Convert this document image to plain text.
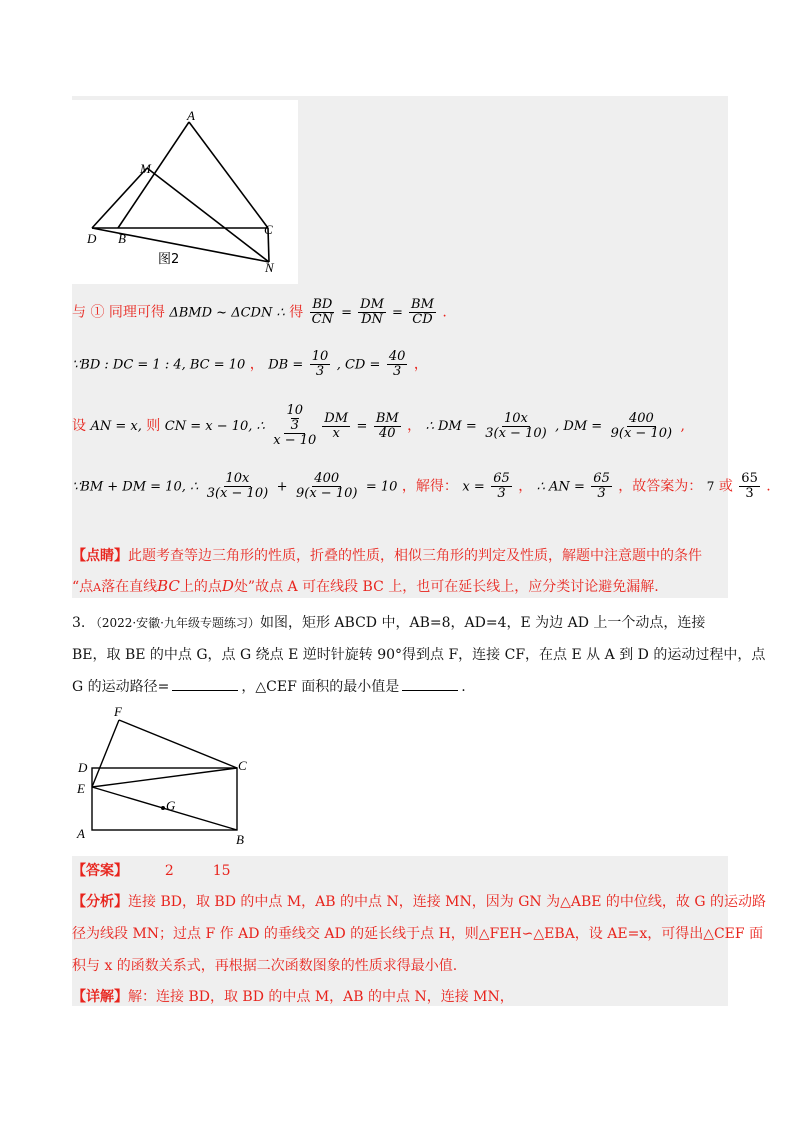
A
M
D B
C
N
图2
与 ① 同理可得 ΔBMD ~ ΔCDN ∴ 得 $\frac{BD}{CN} = \frac{DM}{DN} = \frac{BM}{CD}$ .
∵BD : DC = 1 : 4, BC = 10 ， DB = $\frac{10}{3}$ , CD = $\frac{40}{3}$ ，
设 AN = x, 则 CN = x − 10, ∴ 10
3
$x - 10 \frac{DM}{x} = \frac{BM}{40}$ ， ∴ DM = $\frac{10x}{3(x - 10)}$ , DM = $\frac{400}{9(x - 10)}$ ,
∵BM + DM = 10, ∴ $\frac{10x}{3(x - 10)} + \frac{400}{9(x - 10)} = 10$ ，解得： $x = \frac{65}{3}$ ， ∴ AN = $\frac{65}{3}$ ，故答案为： 7 或 $\frac{65}{3}$ .
【点睛】此题考查等边三角形的性质，折叠的性质，相似三角形的判定及性质，解题中注意题中的条件
“点A落在直线BC上的点D处”故点 A 可在线段 BC 上，也可在延长线上，应分类讨论避免漏解.
3. （2022·安徽·九年级专题练习）如图，矩形 ABCD 中，AB=8，AD=4，E 为边 AD 上一个动点，连接
BE，取 BE 的中点 G，点 G 绕点 E 逆时针旋转 90°得到点 F，连接 CF，在点 E 从 A 到 D 的运动过程中，点
G 的运动路径=	，△CEF 面积的最小值是	.
F
D	C
E
G
A	B
【答案】	2	15
【分析】连接 BD，取 BD 的中点 M，AB 的中点 N，连接 MN，因为 GN 为△ABE 的中位线，故 G 的运动路
径为线段 MN；过点 F 作 AD 的垂线交 AD 的延长线于点 H，则△FEH∽△EBA，设 AE=x，可得出△CEF 面
积与 x 的函数关系式，再根据二次函数图象的性质求得最小值.
【详解】解：连接 BD，取 BD 的中点 M，AB 的中点 N，连接 MN，
